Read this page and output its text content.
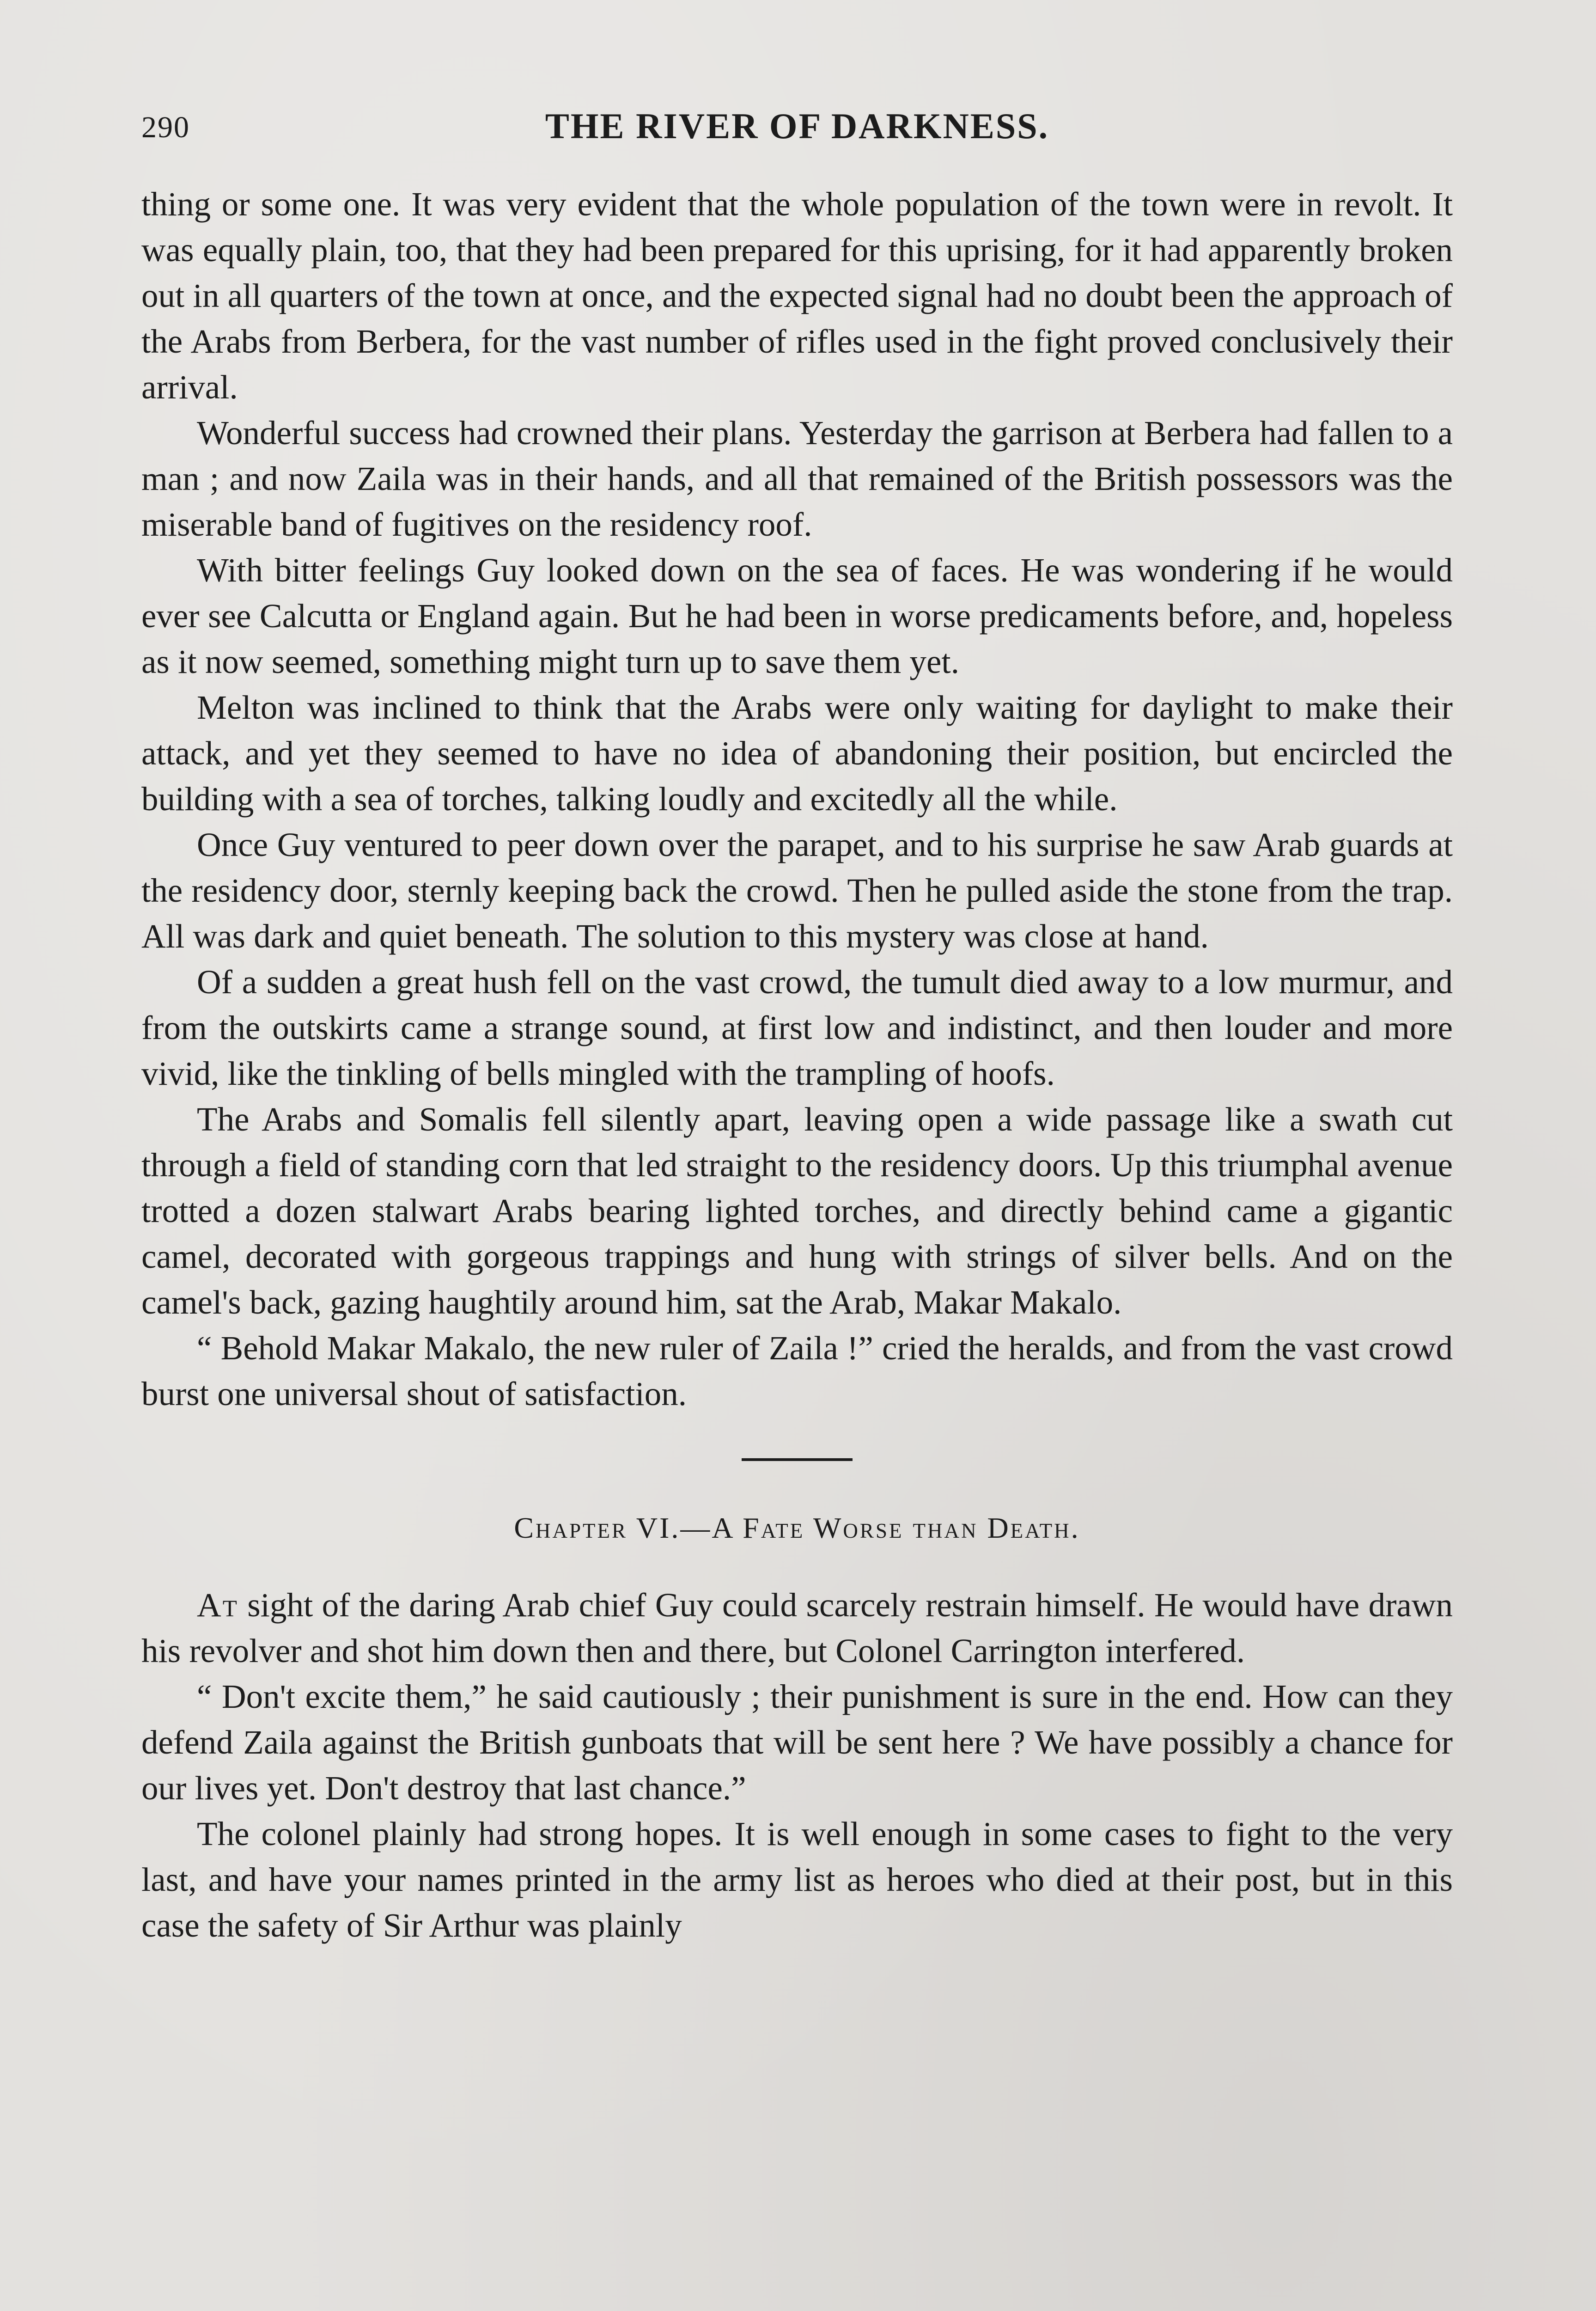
290	THE RIVER OF DARKNESS.

thing or some one. It was very evident that the whole population of the town were in revolt. It was equally plain, too, that they had been prepared for this uprising, for it had apparently broken out in all quarters of the town at once, and the expected signal had no doubt been the approach of the Arabs from Berbera, for the vast number of rifles used in the fight proved conclusively their arrival.

Wonderful success had crowned their plans. Yesterday the garrison at Berbera had fallen to a man ; and now Zaila was in their hands, and all that remained of the British possessors was the miserable band of fugitives on the residency roof.

With bitter feelings Guy looked down on the sea of faces. He was wondering if he would ever see Calcutta or England again. But he had been in worse predicaments before, and, hopeless as it now seemed, something might turn up to save them yet.

Melton was inclined to think that the Arabs were only waiting for daylight to make their attack, and yet they seemed to have no idea of abandoning their position, but encircled the building with a sea of torches, talking loudly and excitedly all the while.

Once Guy ventured to peer down over the parapet, and to his surprise he saw Arab guards at the residency door, sternly keeping back the crowd. Then he pulled aside the stone from the trap. All was dark and quiet beneath. The solution to this mystery was close at hand.

Of a sudden a great hush fell on the vast crowd, the tumult died away to a low murmur, and from the outskirts came a strange sound, at first low and indistinct, and then louder and more vivid, like the tinkling of bells mingled with the trampling of hoofs.

The Arabs and Somalis fell silently apart, leaving open a wide passage like a swath cut through a field of standing corn that led straight to the residency doors. Up this triumphal avenue trotted a dozen stalwart Arabs bearing lighted torches, and directly behind came a gigantic camel, decorated with gorgeous trappings and hung with strings of silver bells. And on the camel's back, gazing haughtily around him, sat the Arab, Makar Makalo.

“ Behold Makar Makalo, the new ruler of Zaila !” cried the heralds, and from the vast crowd burst one universal shout of satisfaction.

Chapter VI.—A Fate Worse than Death.

At sight of the daring Arab chief Guy could scarcely restrain himself. He would have drawn his revolver and shot him down then and there, but Colonel Carrington interfered.

“ Don't excite them,” he said cautiously ; their punishment is sure in the end. How can they defend Zaila against the British gunboats that will be sent here ? We have possibly a chance for our lives yet. Don't destroy that last chance.”

The colonel plainly had strong hopes. It is well enough in some cases to fight to the very last, and have your names printed in the army list as heroes who died at their post, but in this case the safety of Sir Arthur was plainly
